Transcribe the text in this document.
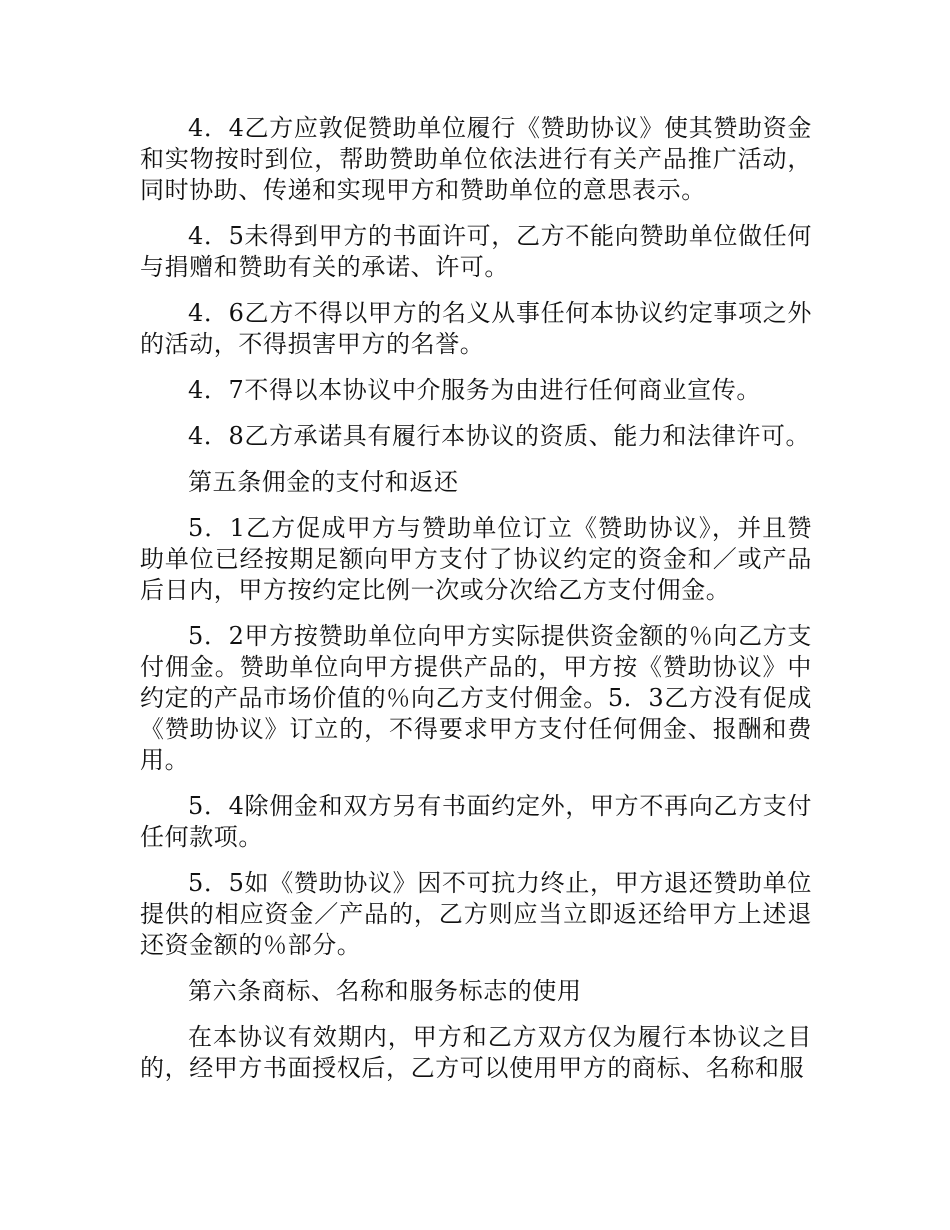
4．4乙方应敦促赞助单位履行《赞助协议》使其赞助资金和实物按时到位，帮助赞助单位依法进行有关产品推广活动，同时协助、传递和实现甲方和赞助单位的意思表示。

4．5未得到甲方的书面许可，乙方不能向赞助单位做任何与捐赠和赞助有关的承诺、许可。

4．6乙方不得以甲方的名义从事任何本协议约定事项之外的活动，不得损害甲方的名誉。

4．7不得以本协议中介服务为由进行任何商业宣传。

4．8乙方承诺具有履行本协议的资质、能力和法律许可。

第五条佣金的支付和返还

5．1乙方促成甲方与赞助单位订立《赞助协议》，并且赞助单位已经按期足额向甲方支付了协议约定的资金和／或产品后日内，甲方按约定比例一次或分次给乙方支付佣金。

5．2甲方按赞助单位向甲方实际提供资金额的％向乙方支付佣金。赞助单位向甲方提供产品的，甲方按《赞助协议》中约定的产品市场价值的％向乙方支付佣金。5．3乙方没有促成《赞助协议》订立的，不得要求甲方支付任何佣金、报酬和费用。

5．4除佣金和双方另有书面约定外，甲方不再向乙方支付任何款项。

5．5如《赞助协议》因不可抗力终止，甲方退还赞助单位提供的相应资金／产品的，乙方则应当立即返还给甲方上述退还资金额的％部分。

第六条商标、名称和服务标志的使用

在本协议有效期内，甲方和乙方双方仅为履行本协议之目的，经甲方书面授权后，乙方可以使用甲方的商标、名称和服
